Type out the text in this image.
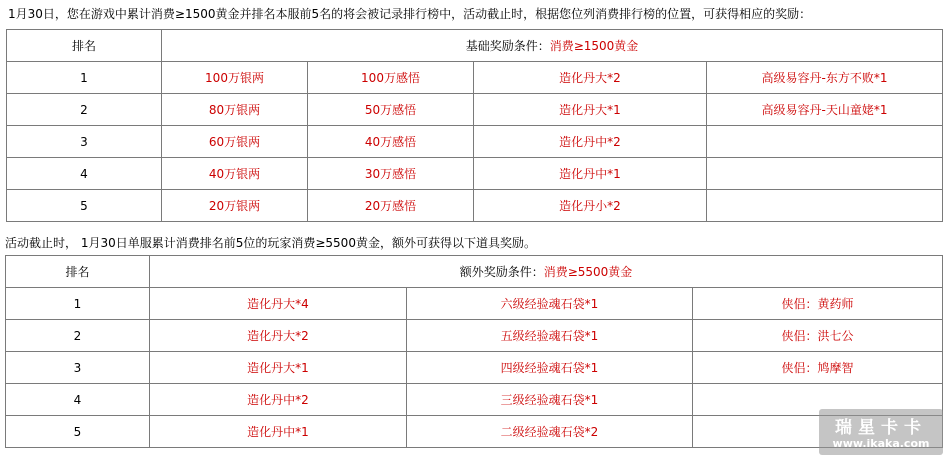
1月30日，您在游戏中累计消费≥1500黄金并排名本服前5名的将会被记录排行榜中，活动截止时，根据您位列消费排行榜的位置，可获得相应的奖励：
排名	基础奖励条件：消费≥1500黄金			
1	100万银两	100万感悟	造化丹大*2	高级易容丹-东方不败*1
2	80万银两	50万感悟	造化丹大*1	高级易容丹-天山童姥*1
3	60万银两	40万感悟	造化丹中*2	
4	40万银两	30万感悟	造化丹中*1	
5	20万银两	20万感悟	造化丹小*2	
活动截止时， 1月30日单服累计消费排名前5位的玩家消费≥5500黄金，额外可获得以下道具奖励。
排名	额外奖励条件：消费≥5500黄金		
1	造化丹大*4	六级经验魂石袋*1	侠侣：黄药师
2	造化丹大*2	五级经验魂石袋*1	侠侣：洪七公
3	造化丹大*1	四级经验魂石袋*1	侠侣：鸠摩智
4	造化丹中*2	三级经验魂石袋*1	
5	造化丹中*1	二级经验魂石袋*2		瑞星卡卡
www.ikaka.com
